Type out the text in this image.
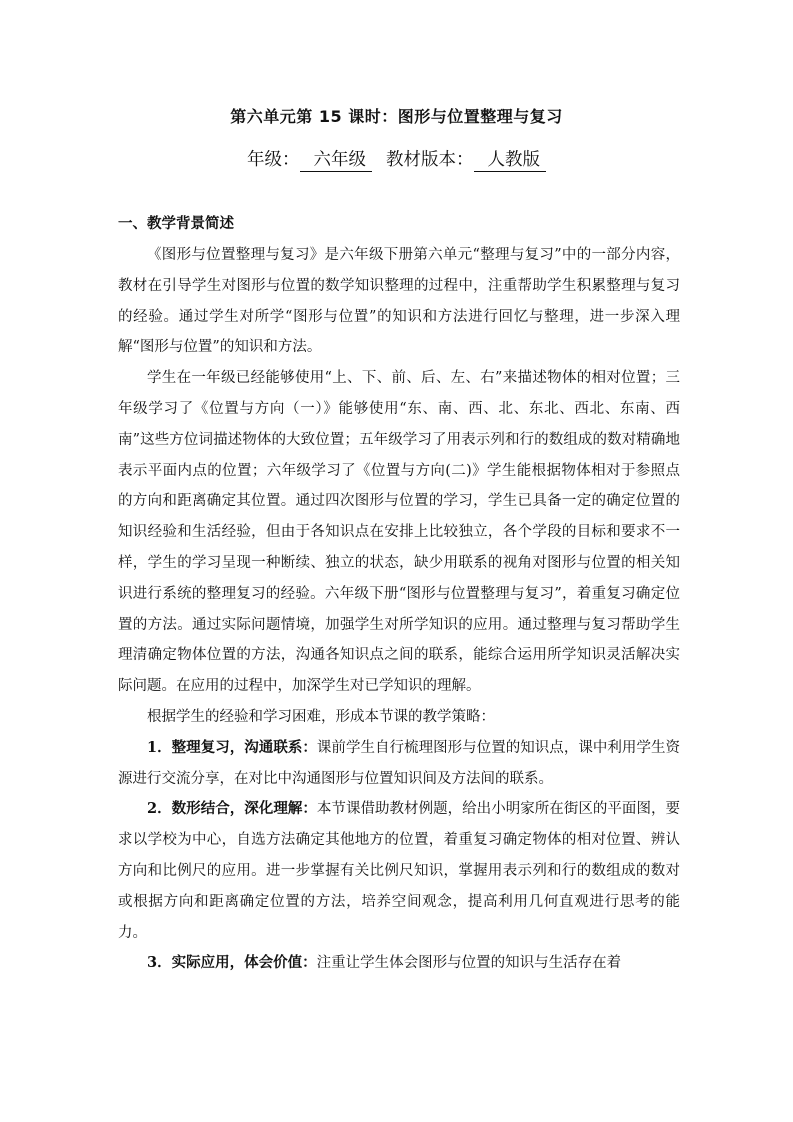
第六单元第 15 课时：图形与位置整理与复习
年级： 六年级 教材版本： 人教版

一、教学背景简述

《图形与位置整理与复习》是六年级下册第六单元“整理与复习”中的一部分内容，教材在引导学生对图形与位置的数学知识整理的过程中，注重帮助学生积累整理与复习的经验。通过学生对所学“图形与位置”的知识和方法进行回忆与整理，进一步深入理解“图形与位置”的知识和方法。

学生在一年级已经能够使用“上、下、前、后、左、右”来描述物体的相对位置；三年级学习了《位置与方向（一）》能够使用“东、南、西、北、东北、西北、东南、西南”这些方位词描述物体的大致位置；五年级学习了用表示列和行的数组成的数对精确地表示平面内点的位置；六年级学习了《位置与方向(二)》学生能根据物体相对于参照点的方向和距离确定其位置。通过四次图形与位置的学习，学生已具备一定的确定位置的知识经验和生活经验，但由于各知识点在安排上比较独立，各个学段的目标和要求不一样，学生的学习呈现一种断续、独立的状态，缺少用联系的视角对图形与位置的相关知识进行系统的整理复习的经验。六年级下册“图形与位置整理与复习”，着重复习确定位置的方法。通过实际问题情境，加强学生对所学知识的应用。通过整理与复习帮助学生理清确定物体位置的方法，沟通各知识点之间的联系，能综合运用所学知识灵活解决实际问题。在应用的过程中，加深学生对已学知识的理解。

根据学生的经验和学习困难，形成本节课的教学策略：

1．整理复习，沟通联系：课前学生自行梳理图形与位置的知识点，课中利用学生资源进行交流分享，在对比中沟通图形与位置知识间及方法间的联系。

2．数形结合，深化理解：本节课借助教材例题，给出小明家所在街区的平面图，要求以学校为中心，自选方法确定其他地方的位置，着重复习确定物体的相对位置、辨认方向和比例尺的应用。进一步掌握有关比例尺知识，掌握用表示列和行的数组成的数对或根据方向和距离确定位置的方法，培养空间观念，提高利用几何直观进行思考的能力。

3．实际应用，体会价值：注重让学生体会图形与位置的知识与生活存在着
